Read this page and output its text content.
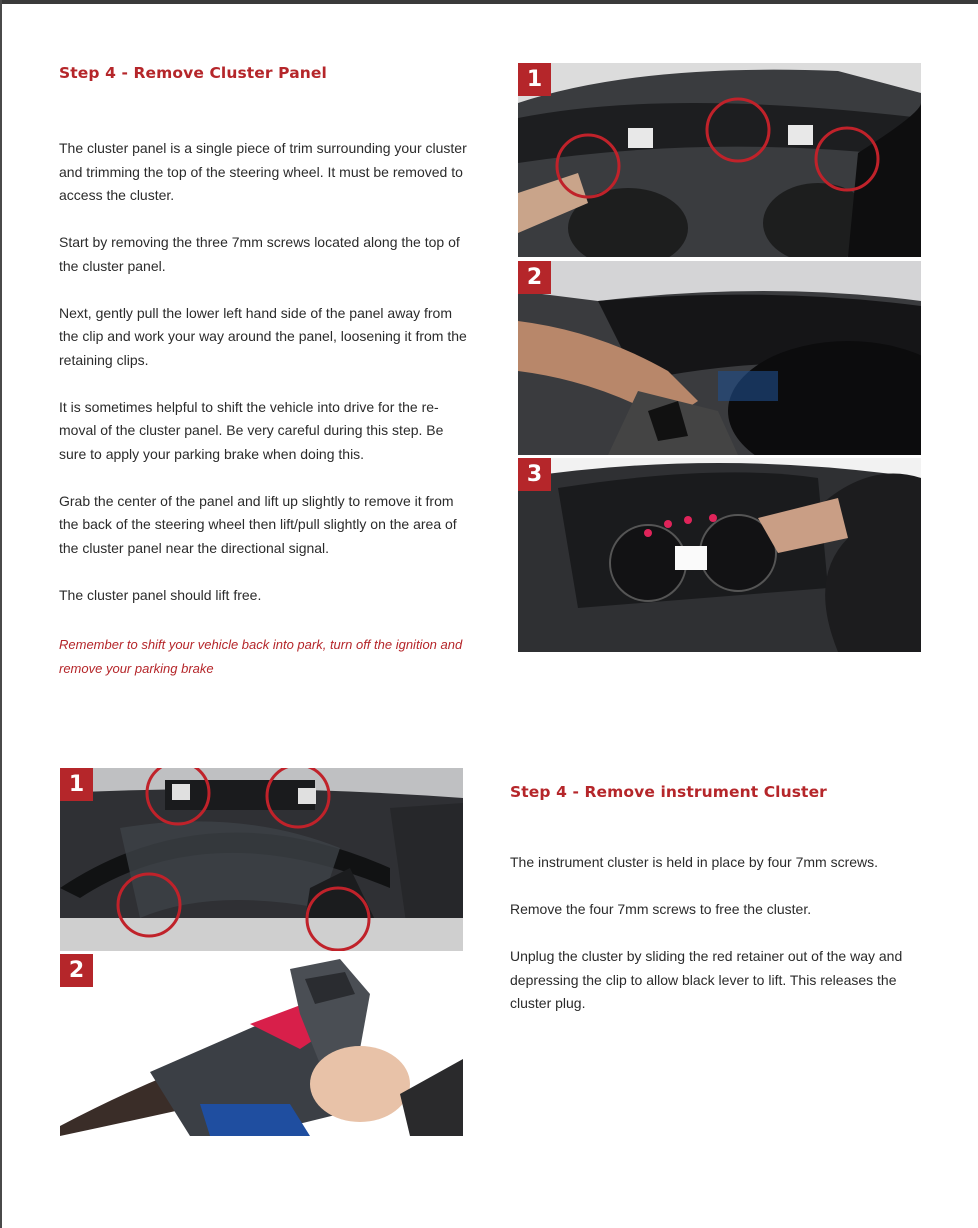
Step 4 - Remove Cluster Panel

The cluster panel is a single piece of trim surrounding your cluster and trimming the top of the steering wheel. It must be removed to access the cluster.

Start by removing the three 7mm screws located along the top of the cluster panel.

Next, gently pull the lower left hand side of the panel away from the clip and work your way around the panel, loosening it from the retaining clips.

It is sometimes helpful to shift the vehicle into drive for the re-moval of the cluster panel. Be very careful during this step. Be sure to apply your parking brake when doing this.

Grab the center of the panel and lift up slightly to remove it from the back of the steering wheel then lift/pull slightly on the area of the cluster panel near the directional signal.

The cluster panel should lift free.

Remember to shift your vehicle back into park, turn off the ignition and remove your parking brake
1
2
3
1
2
Step 4 - Remove instrument Cluster

The instrument cluster is held in place by four 7mm screws.

Remove the four 7mm screws to free the cluster.

Unplug the cluster by sliding the red retainer out of the way and depressing the clip to allow black lever to lift. This releases the cluster plug.
